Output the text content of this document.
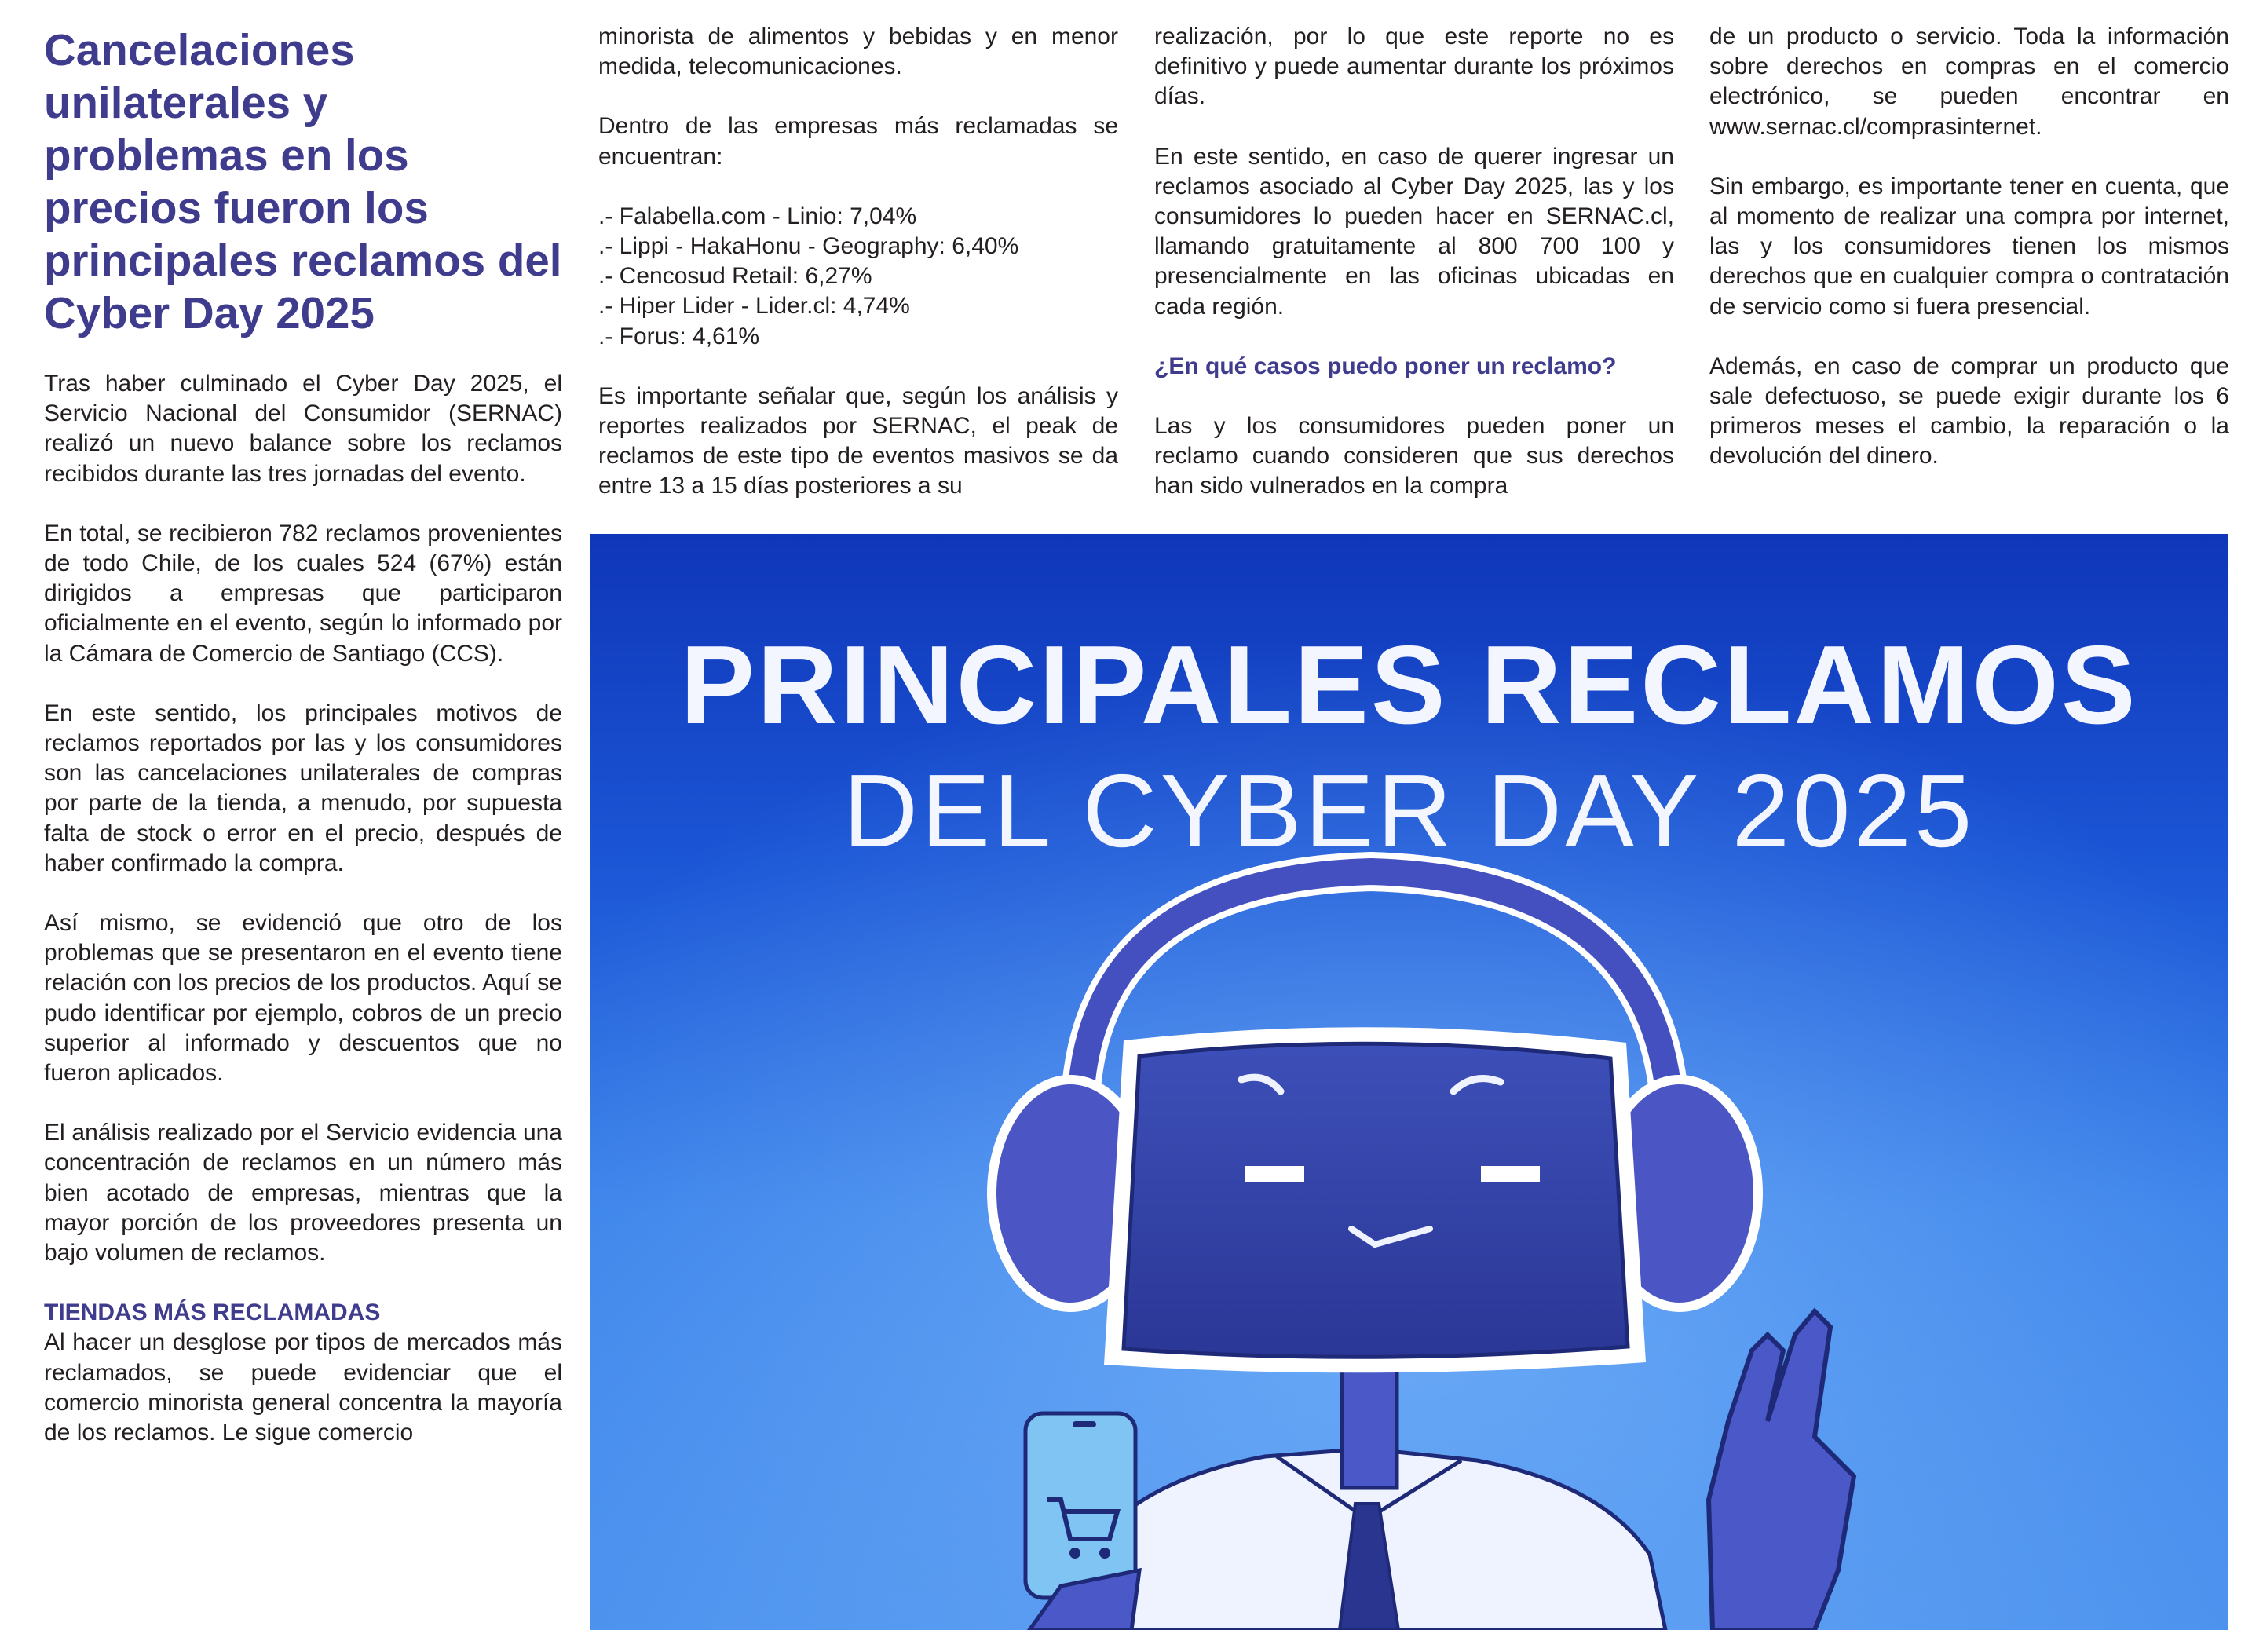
Cancelaciones unilaterales y problemas en los precios fueron los principales reclamos del Cyber Day 2025

Tras haber culminado el Cyber Day 2025, el Servicio Nacional del Consumidor (SERNAC) realizó un nuevo balance sobre los reclamos recibidos durante las tres jornadas del evento.

En total, se recibieron 782 reclamos provenientes de todo Chile, de los cuales 524 (67%) están dirigidos a empresas que participaron oficialmente en el evento, según lo informado por la Cámara de Comercio de Santiago (CCS).

En este sentido, los principales motivos de reclamos reportados por las y los consumidores son las cancelaciones unilaterales de compras por parte de la tienda, a menudo, por supuesta falta de stock o error en el precio, después de haber confirmado la compra.

Así mismo, se evidenció que otro de los problemas que se presentaron en el evento tiene relación con los precios de los productos. Aquí se pudo identificar por ejemplo, cobros de un precio superior al informado y descuentos que no fueron aplicados.

El análisis realizado por el Servicio evidencia una concentración de reclamos en un número más bien acotado de empresas, mientras que la mayor porción de los proveedores presenta un bajo volumen de reclamos.

TIENDAS MÁS RECLAMADAS

Al hacer un desglose por tipos de mercados más reclamados, se puede evidenciar que el comercio minorista general concentra la mayoría de los reclamos. Le sigue comercio

minorista de alimentos y bebidas y en menor medida, telecomunicaciones.

Dentro de las empresas más reclamadas se encuentran:

.- Falabella.com - Linio: 7,04%
.- Lippi - HakaHonu - Geography: 6,40%
.- Cencosud Retail: 6,27%
.- Hiper Lider - Lider.cl: 4,74%
.- Forus: 4,61%

Es importante señalar que, según los análisis y reportes realizados por SERNAC, el peak de reclamos de este tipo de eventos masivos se da entre 13 a 15 días posteriores a su

realización, por lo que este reporte no es definitivo y puede aumentar durante los próximos días.

En este sentido, en caso de querer ingresar un reclamos asociado al Cyber Day 2025, las y los consumidores lo pueden hacer en SERNAC.cl, llamando gratuitamente al 800 700 100 y presencialmente en las oficinas ubicadas en cada región.

¿En qué casos puedo poner un reclamo?

Las y los consumidores pueden poner un reclamo cuando consideren que sus derechos han sido vulnerados en la compra

de un producto o servicio. Toda la información sobre derechos en compras en el comercio electrónico, se pueden encontrar en www.sernac.cl/comprasinternet.

Sin embargo, es importante tener en cuenta, que al momento de realizar una compra por internet, las y los consumidores tienen los mismos derechos que en cualquier compra o contratación de servicio como si fuera presencial.

Además, en caso de comprar un producto que sale defectuoso, se puede exigir durante los 6 primeros meses el cambio, la reparación o la devolución del dinero.

PRINCIPALES RECLAMOS
DEL CYBER DAY 2025
